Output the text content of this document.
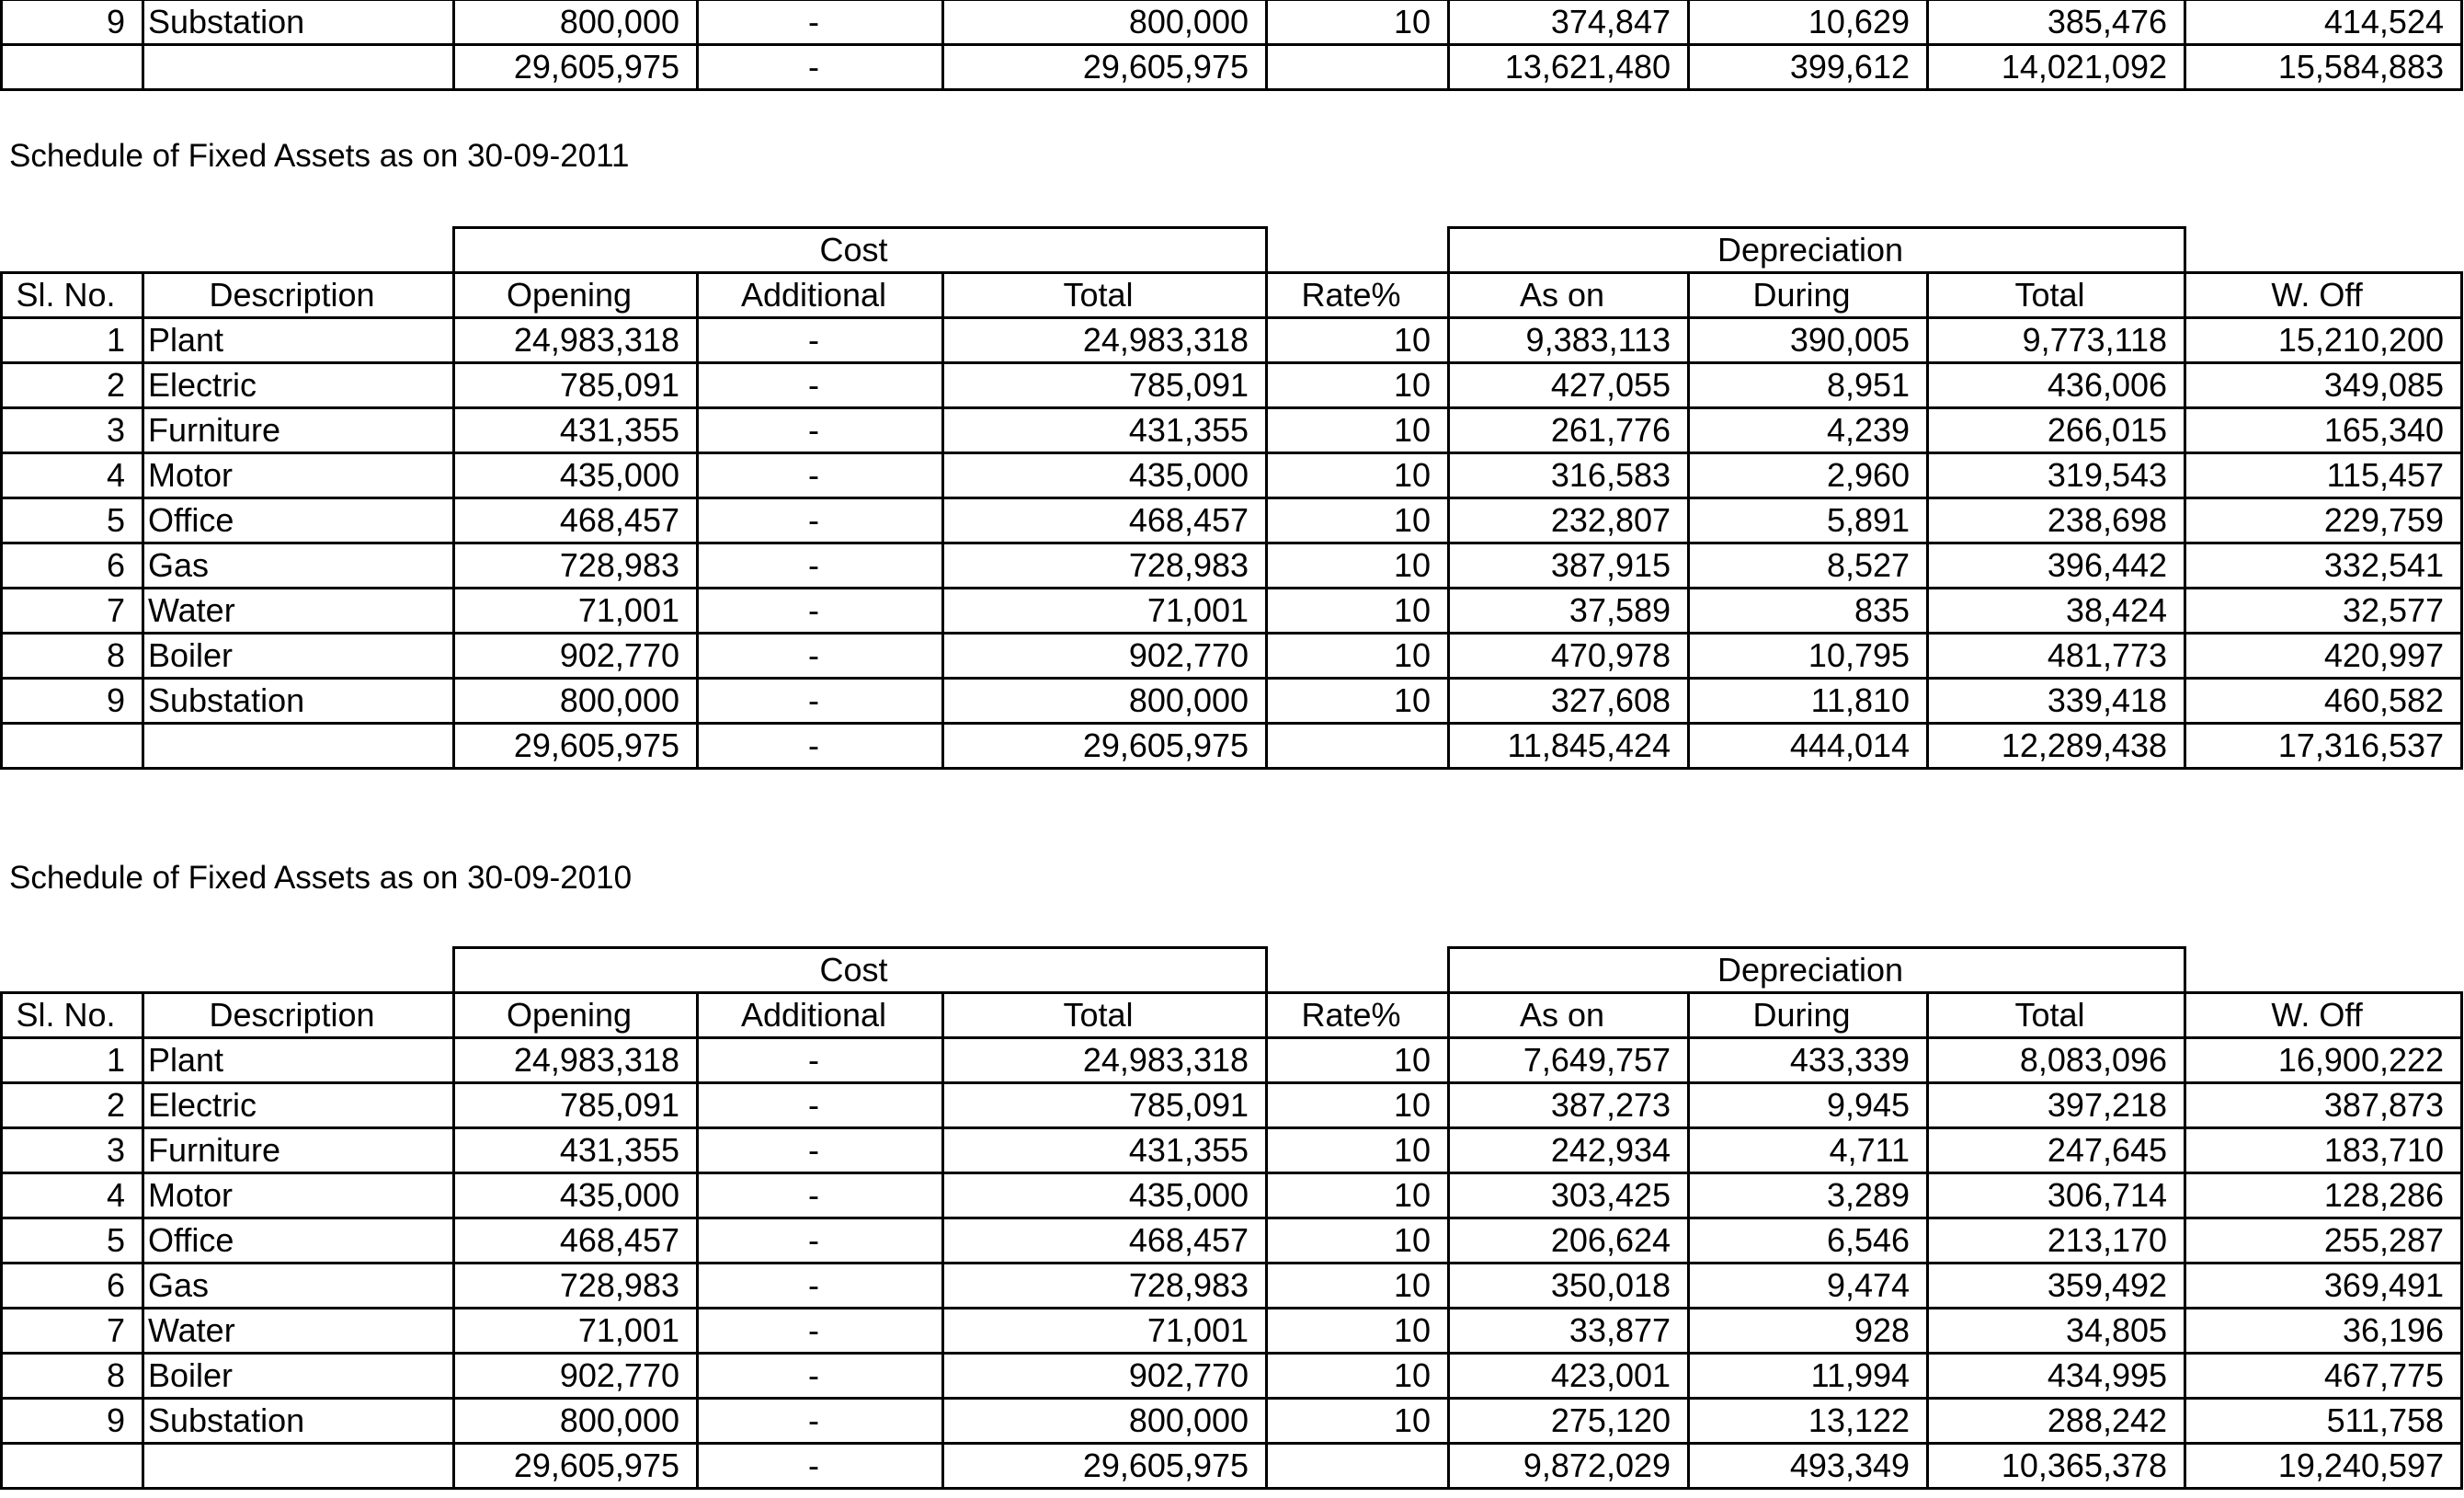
Schedule of Fixed Assets as on 30-09-2011
Schedule of Fixed Assets as on 30-09-2010
9	Substation	800,000	-	800,000	10	374,847	10,629	385,476	414,524
		29,605,975	-	29,605,975		13,621,480	399,612	14,021,092	15,584,883
		Cost				Depreciation			
Sl. No.	Description	Opening	Additional	Total	Rate%	As on	During	Total	W. Off
1	Plant	24,983,318	-	24,983,318	10	9,383,113	390,005	9,773,118	15,210,200
2	Electric	785,091	-	785,091	10	427,055	8,951	436,006	349,085
3	Furniture	431,355	-	431,355	10	261,776	4,239	266,015	165,340
4	Motor	435,000	-	435,000	10	316,583	2,960	319,543	115,457
5	Office	468,457	-	468,457	10	232,807	5,891	238,698	229,759
6	Gas	728,983	-	728,983	10	387,915	8,527	396,442	332,541
7	Water	71,001	-	71,001	10	37,589	835	38,424	32,577
8	Boiler	902,770	-	902,770	10	470,978	10,795	481,773	420,997
9	Substation	800,000	-	800,000	10	327,608	11,810	339,418	460,582
		29,605,975	-	29,605,975		11,845,424	444,014	12,289,438	17,316,537
		Cost				Depreciation			
Sl. No.	Description	Opening	Additional	Total	Rate%	As on	During	Total	W. Off
1	Plant	24,983,318	-	24,983,318	10	7,649,757	433,339	8,083,096	16,900,222
2	Electric	785,091	-	785,091	10	387,273	9,945	397,218	387,873
3	Furniture	431,355	-	431,355	10	242,934	4,711	247,645	183,710
4	Motor	435,000	-	435,000	10	303,425	3,289	306,714	128,286
5	Office	468,457	-	468,457	10	206,624	6,546	213,170	255,287
6	Gas	728,983	-	728,983	10	350,018	9,474	359,492	369,491
7	Water	71,001	-	71,001	10	33,877	928	34,805	36,196
8	Boiler	902,770	-	902,770	10	423,001	11,994	434,995	467,775
9	Substation	800,000	-	800,000	10	275,120	13,122	288,242	511,758
		29,605,975	-	29,605,975		9,872,029	493,349	10,365,378	19,240,597
